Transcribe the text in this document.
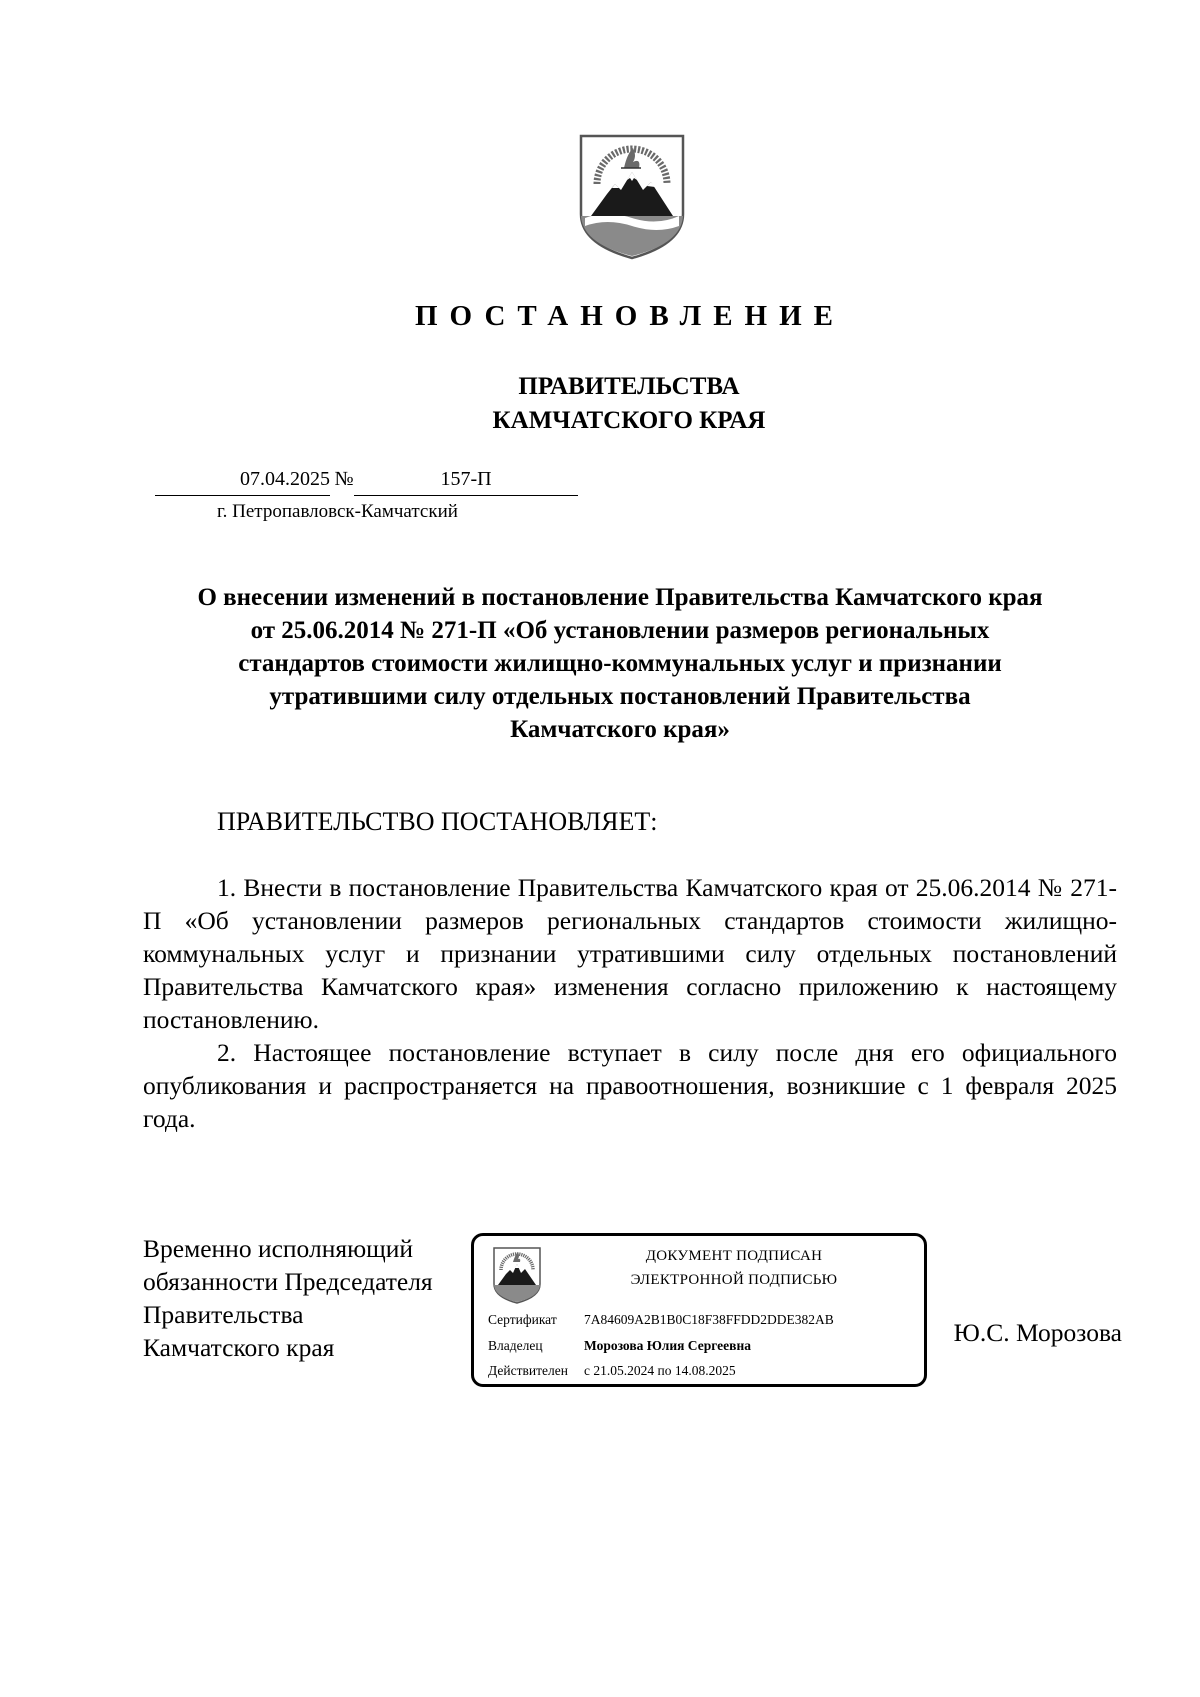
ПОСТАНОВЛЕНИЕ
ПРАВИТЕЛЬСТВА
КАМЧАТСКОГО КРАЯ
07.04.2025 №	157-П
г. Петропавловск-Камчатский
О внесении изменений в постановление Правительства Камчатского края
от 25.06.2014 № 271-П «Об установлении размеров региональных
стандартов стоимости жилищно-коммунальных услуг и признании
утратившими силу отдельных постановлений Правительства
Камчатского края»
ПРАВИТЕЛЬСТВО ПОСТАНОВЛЯЕТ:

1. Внести в постановление Правительства Камчатского края от 25.06.2014 № 271-П «Об установлении размеров региональных стандартов стоимости жилищно-коммунальных услуг и признании утратившими силу отдельных постановлений Правительства Камчатского края» изменения согласно приложению к настоящему постановлению.

2. Настоящее постановление вступает в силу после дня его официального опубликования и распространяется на правоотношения, возникшие с 1 февраля 2025 года.

Временно исполняющий
обязанности Председателя
Правительства
Камчатского края
ДОКУМЕНТ ПОДПИСАН
ЭЛЕКТРОННОЙ ПОДПИСЬЮ
Сертификат 7A84609A2B1B0C18F38FFDD2DDE382AB
Владелец	Морозова Юлия Сергеевна
Действителен с 21.05.2024 по 14.08.2025
Ю.С. Морозова
